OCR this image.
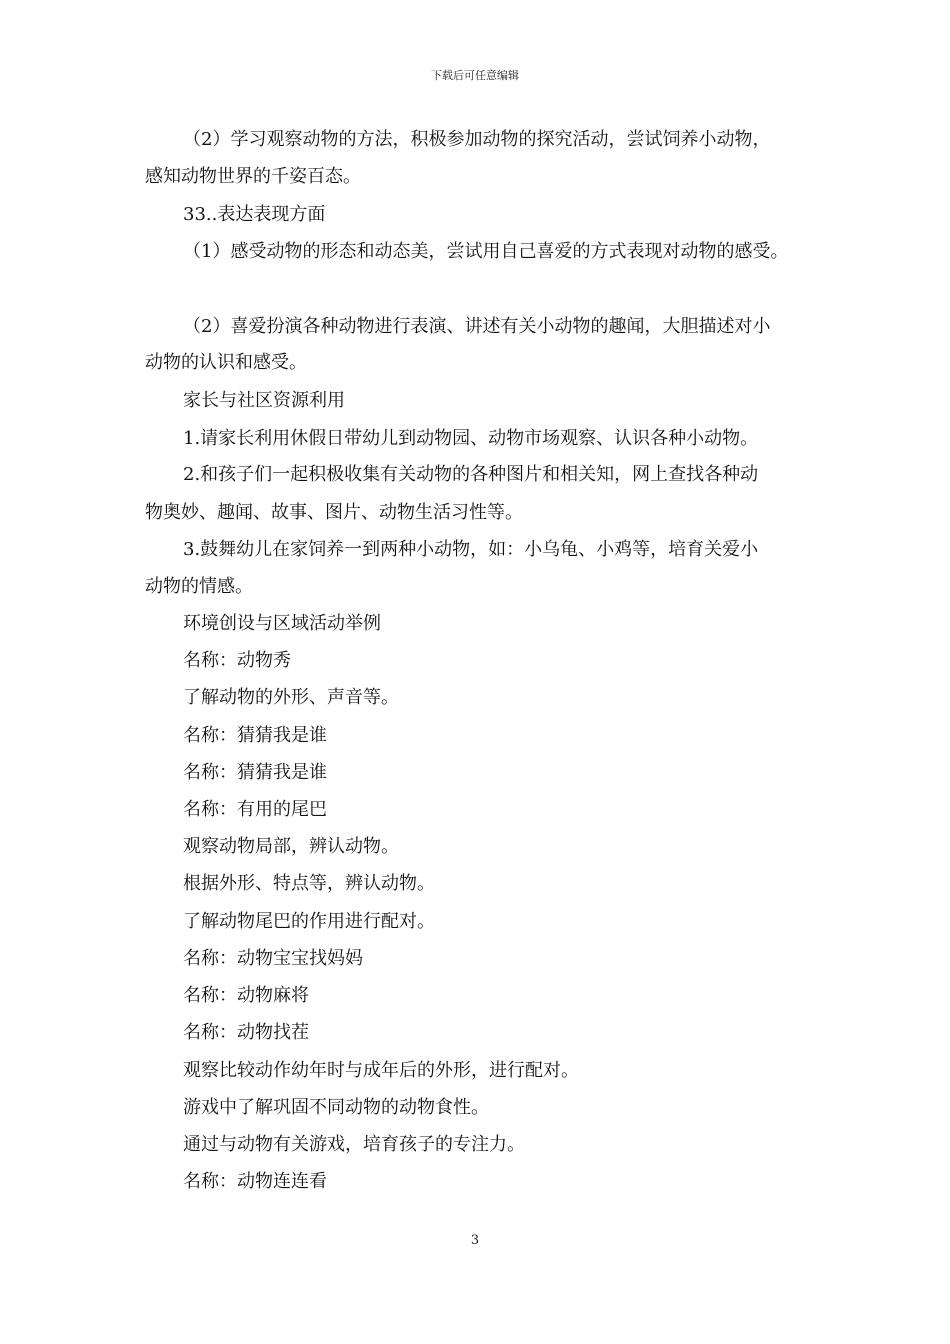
下载后可任意编辑
（2）学习观察动物的方法，积极参加动物的探究活动，尝试饲养小动物，
感知动物世界的千姿百态。
33..表达表现方面
（1）感受动物的形态和动态美，尝试用自己喜爱的方式表现对动物的感受。
（2）喜爱扮演各种动物进行表演、讲述有关小动物的趣闻，大胆描述对小
动物的认识和感受。
家长与社区资源利用
1.请家长利用休假日带幼儿到动物园、动物市场观察、认识各种小动物。
2.和孩子们一起积极收集有关动物的各种图片和相关知，网上查找各种动
物奥妙、趣闻、故事、图片、动物生活习性等。
3.鼓舞幼儿在家饲养一到两种小动物，如：小乌龟、小鸡等，培育关爱小
动物的情感。
环境创设与区域活动举例
名称：动物秀
了解动物的外形、声音等。
名称：猜猜我是谁
名称：猜猜我是谁
名称：有用的尾巴
观察动物局部，辨认动物。
根据外形、特点等，辨认动物。
了解动物尾巴的作用进行配对。
名称：动物宝宝找妈妈
名称：动物麻将
名称：动物找茬
观察比较动作幼年时与成年后的外形，进行配对。
游戏中了解巩固不同动物的动物食性。
通过与动物有关游戏，培育孩子的专注力。
名称：动物连连看
3
